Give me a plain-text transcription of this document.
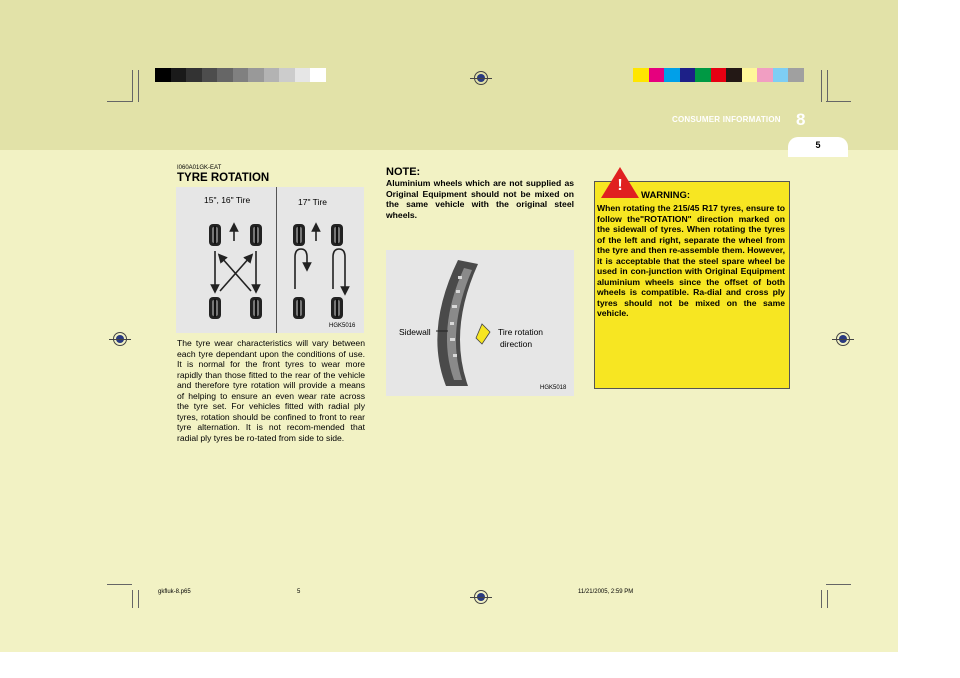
CONSUMER INFORMATION 8
5
I060A01GK-EAT
TYRE ROTATION
15", 16" Tire	17" Tire
HGK5016
The tyre wear characteristics will vary between each tyre dependant upon the conditions of use. It is normal for the front tyres to wear more rapidly than those fitted to the rear of the vehicle and therefore tyre rotation will provide a means of helping to ensure an even wear rate across the tyre set. For vehicles fitted with radial ply tyres, rotation should be confined to front to rear tyre alternation. It is not recom-mended that radial ply tyres be ro-tated from side to side.
NOTE:
Aluminium wheels which are not supplied as Original Equipment should not be mixed on the same vehicle with the original steel wheels.
Sidewall	Tire rotation
direction
HGK5018
!
WARNING:
When rotating the 215/45 R17 tyres, ensure to follow the"ROTATION" direction marked on the sidewall of tyres. When rotating the tyres of the left and right, separate the wheel from the tyre and then re-assemble them. However, it is acceptable that the steel spare wheel be used in con-junction with Original Equipment aluminium wheels since the offset of both wheels is compatible. Ra-dial and cross ply tyres should not be mixed on the same vehicle.
gkfluk-8.p65	5	11/21/2005, 2:59 PM
